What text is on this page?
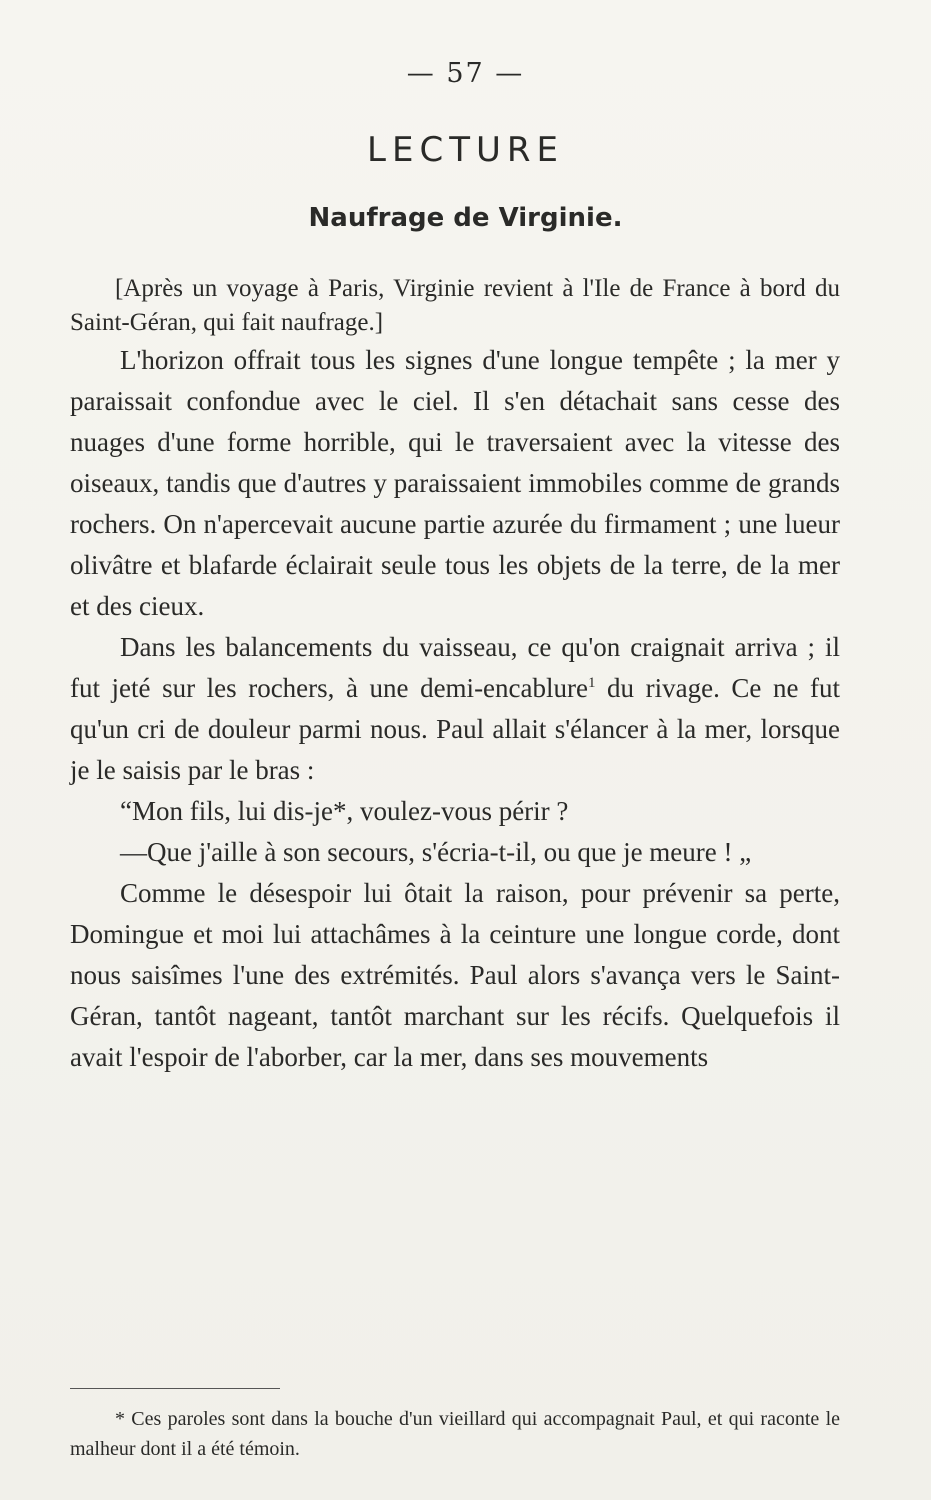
— 57 —
LECTURE
Naufrage de Virginie.

[Après un voyage à Paris, Virginie revient à l'Ile de France à bord du Saint-Géran, qui fait naufrage.]

L'horizon offrait tous les signes d'une longue tempête ; la mer y paraissait confondue avec le ciel. Il s'en détachait sans cesse des nuages d'une forme horrible, qui le traversaient avec la vitesse des oiseaux, tandis que d'autres y paraissaient immobiles comme de grands rochers. On n'apercevait aucune partie azurée du firmament ; une lueur olivâtre et blafarde éclairait seule tous les objets de la terre, de la mer et des cieux.

Dans les balancements du vaisseau, ce qu'on craignait arriva ; il fut jeté sur les rochers, à une demi-encablure$^1$ du rivage. Ce ne fut qu'un cri de douleur parmi nous. Paul allait s'élancer à la mer, lorsque je le saisis par le bras :

“Mon fils, lui dis-je*, voulez-vous périr ?

—Que j'aille à son secours, s'écria-t-il, ou que je meure ! „

Comme le désespoir lui ôtait la raison, pour prévenir sa perte, Domingue et moi lui attachâmes à la ceinture une longue corde, dont nous saisîmes l'une des extrémités. Paul alors s'avança vers le Saint-Géran, tantôt nageant, tantôt marchant sur les récifs. Quelquefois il avait l'espoir de l'aborber, car la mer, dans ses mouvements

* Ces paroles sont dans la bouche d'un vieillard qui accompagnait Paul, et qui raconte le malheur dont il a été témoin.
